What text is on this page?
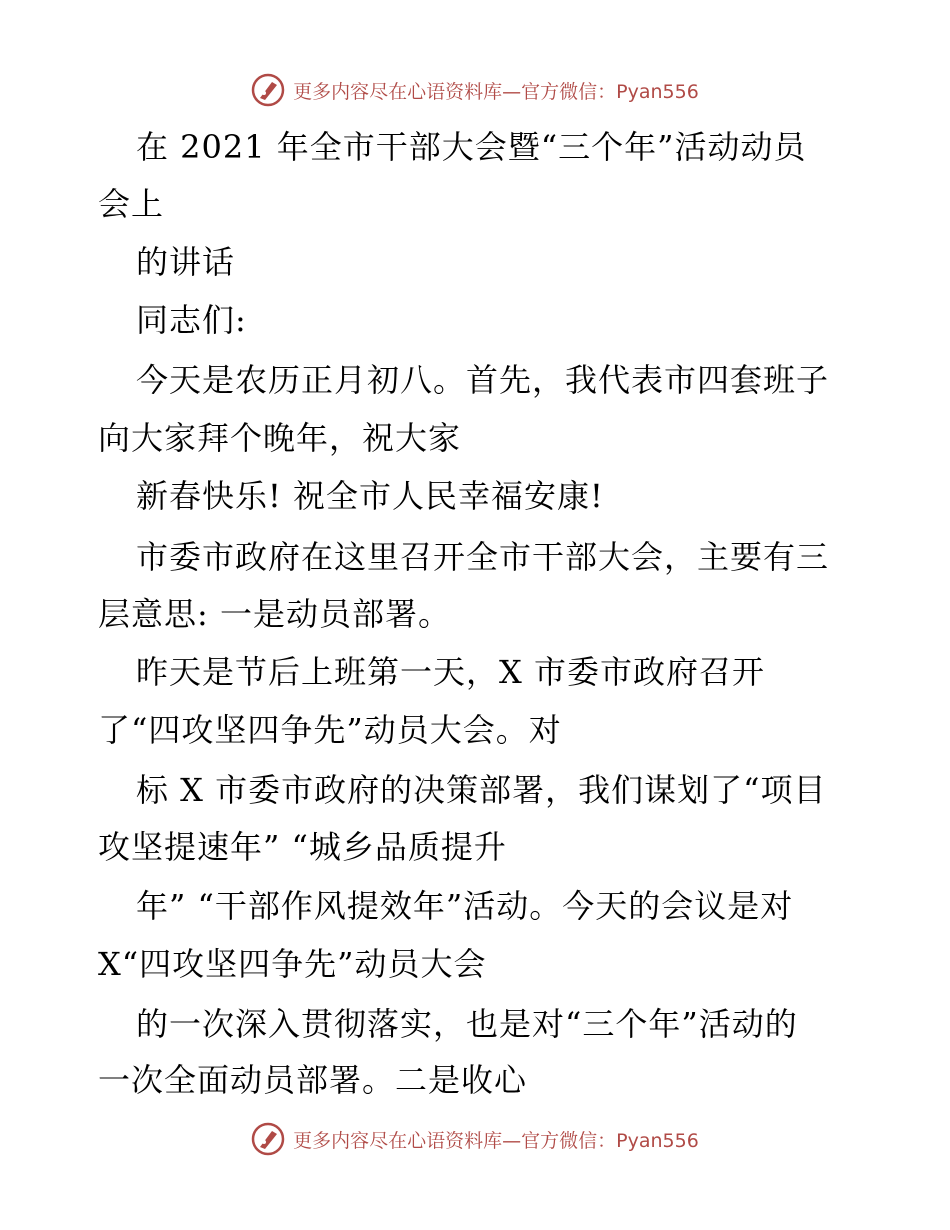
更多内容尽在心语资料库—官方微信：Pyan556
在 2021 年全市干部大会暨“三个年”活动动员
会上
的讲话
同志们:
今天是农历正月初八。首先，我代表市四套班子
向大家拜个晚年，祝大家
新春快乐! 祝全市人民幸福安康!
市委市政府在这里召开全市干部大会，主要有三
层意思: 一是动员部署。
昨天是节后上班第一天，X 市委市政府召开
了“四攻坚四争先”动员大会。对
标 X 市委市政府的决策部署，我们谋划了“项目
攻坚提速年” “城乡品质提升
年” “干部作风提效年”活动。今天的会议是对
X“四攻坚四争先”动员大会
的一次深入贯彻落实，也是对“三个年”活动的
一次全面动员部署。二是收心
更多内容尽在心语资料库—官方微信：Pyan556
